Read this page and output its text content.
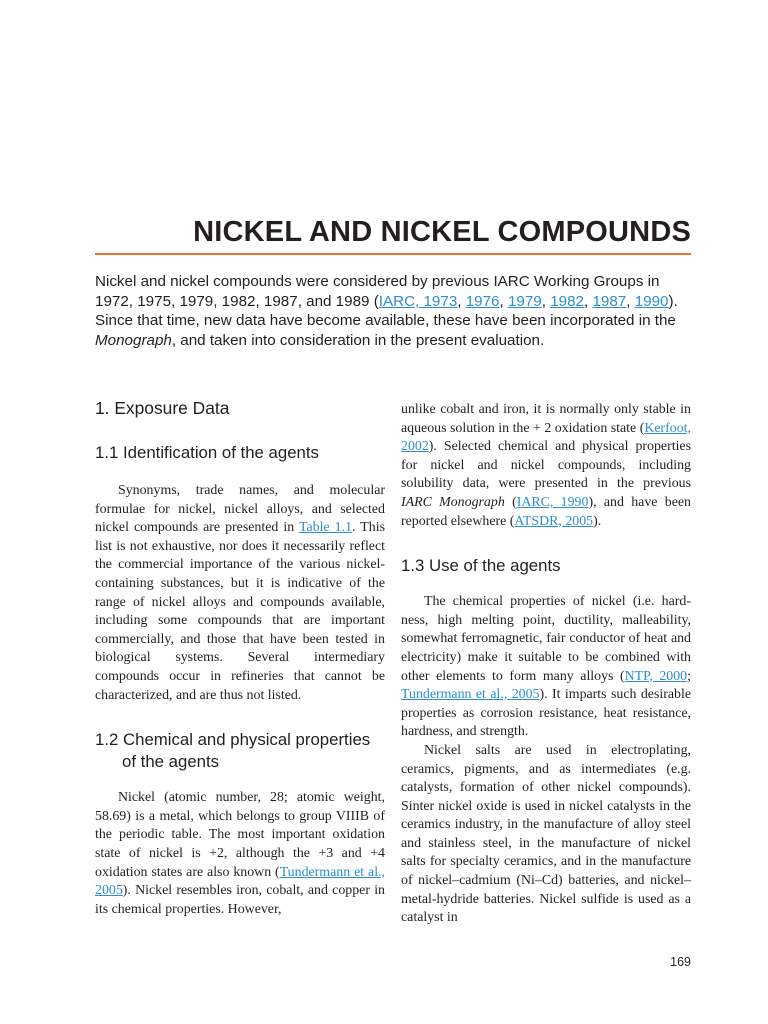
NICKEL AND NICKEL COMPOUNDS

Nickel and nickel compounds were considered by previous IARC Working Groups in 1972, 1975, 1979, 1982, 1987, and 1989 (IARC, 1973, 1976, 1979, 1982, 1987, 1990). Since that time, new data have become available, these have been incorporated in the Monograph, and taken into consideration in the present evaluation.

1. Exposure Data
1.1 Identification of the agents

Synonyms, trade names, and molecular formulae for nickel, nickel alloys, and selected nickel compounds are presented in Table 1.1. This list is not exhaustive, nor does it necessarily reflect the commercial importance of the various nickel-containing substances, but it is indicative of the range of nickel alloys and compounds available, including some compounds that are important commercially, and those that have been tested in biological systems. Several intermediary compounds occur in refineries that cannot be characterized, and are thus not listed.

1.2 Chemical and physical properties
of the agents

Nickel (atomic number, 28; atomic weight, 58.69) is a metal, which belongs to group VIIIB of the periodic table. The most important oxidation state of nickel is +2, although the +3 and +4 oxidation states are also known (Tundermann et al., 2005). Nickel resembles iron, cobalt, and copper in its chemical properties. However,

unlike cobalt and iron, it is normally only stable in aqueous solution in the + 2 oxidation state (Kerfoot, 2002). Selected chemical and physical properties for nickel and nickel compounds, including solubility data, were presented in the previous IARC Monograph (IARC, 1990), and have been reported elsewhere (ATSDR, 2005).

1.3 Use of the agents

The chemical properties of nickel (i.e. hardness, high melting point, ductility, malleability, somewhat ferromagnetic, fair conductor of heat and electricity) make it suitable to be combined with other elements to form many alloys (NTP, 2000; Tundermann et al., 2005). It imparts such desirable properties as corrosion resistance, heat resistance, hardness, and strength.

Nickel salts are used in electroplating, ceramics, pigments, and as intermediates (e.g. catalysts, formation of other nickel compounds). Sinter nickel oxide is used in nickel catalysts in the ceramics industry, in the manufacture of alloy steel and stainless steel, in the manufacture of nickel salts for specialty ceramics, and in the manufacture of nickel–cadmium (Ni–Cd) batteries, and nickel–metal-hydride batteries. Nickel sulfide is used as a catalyst in

169
